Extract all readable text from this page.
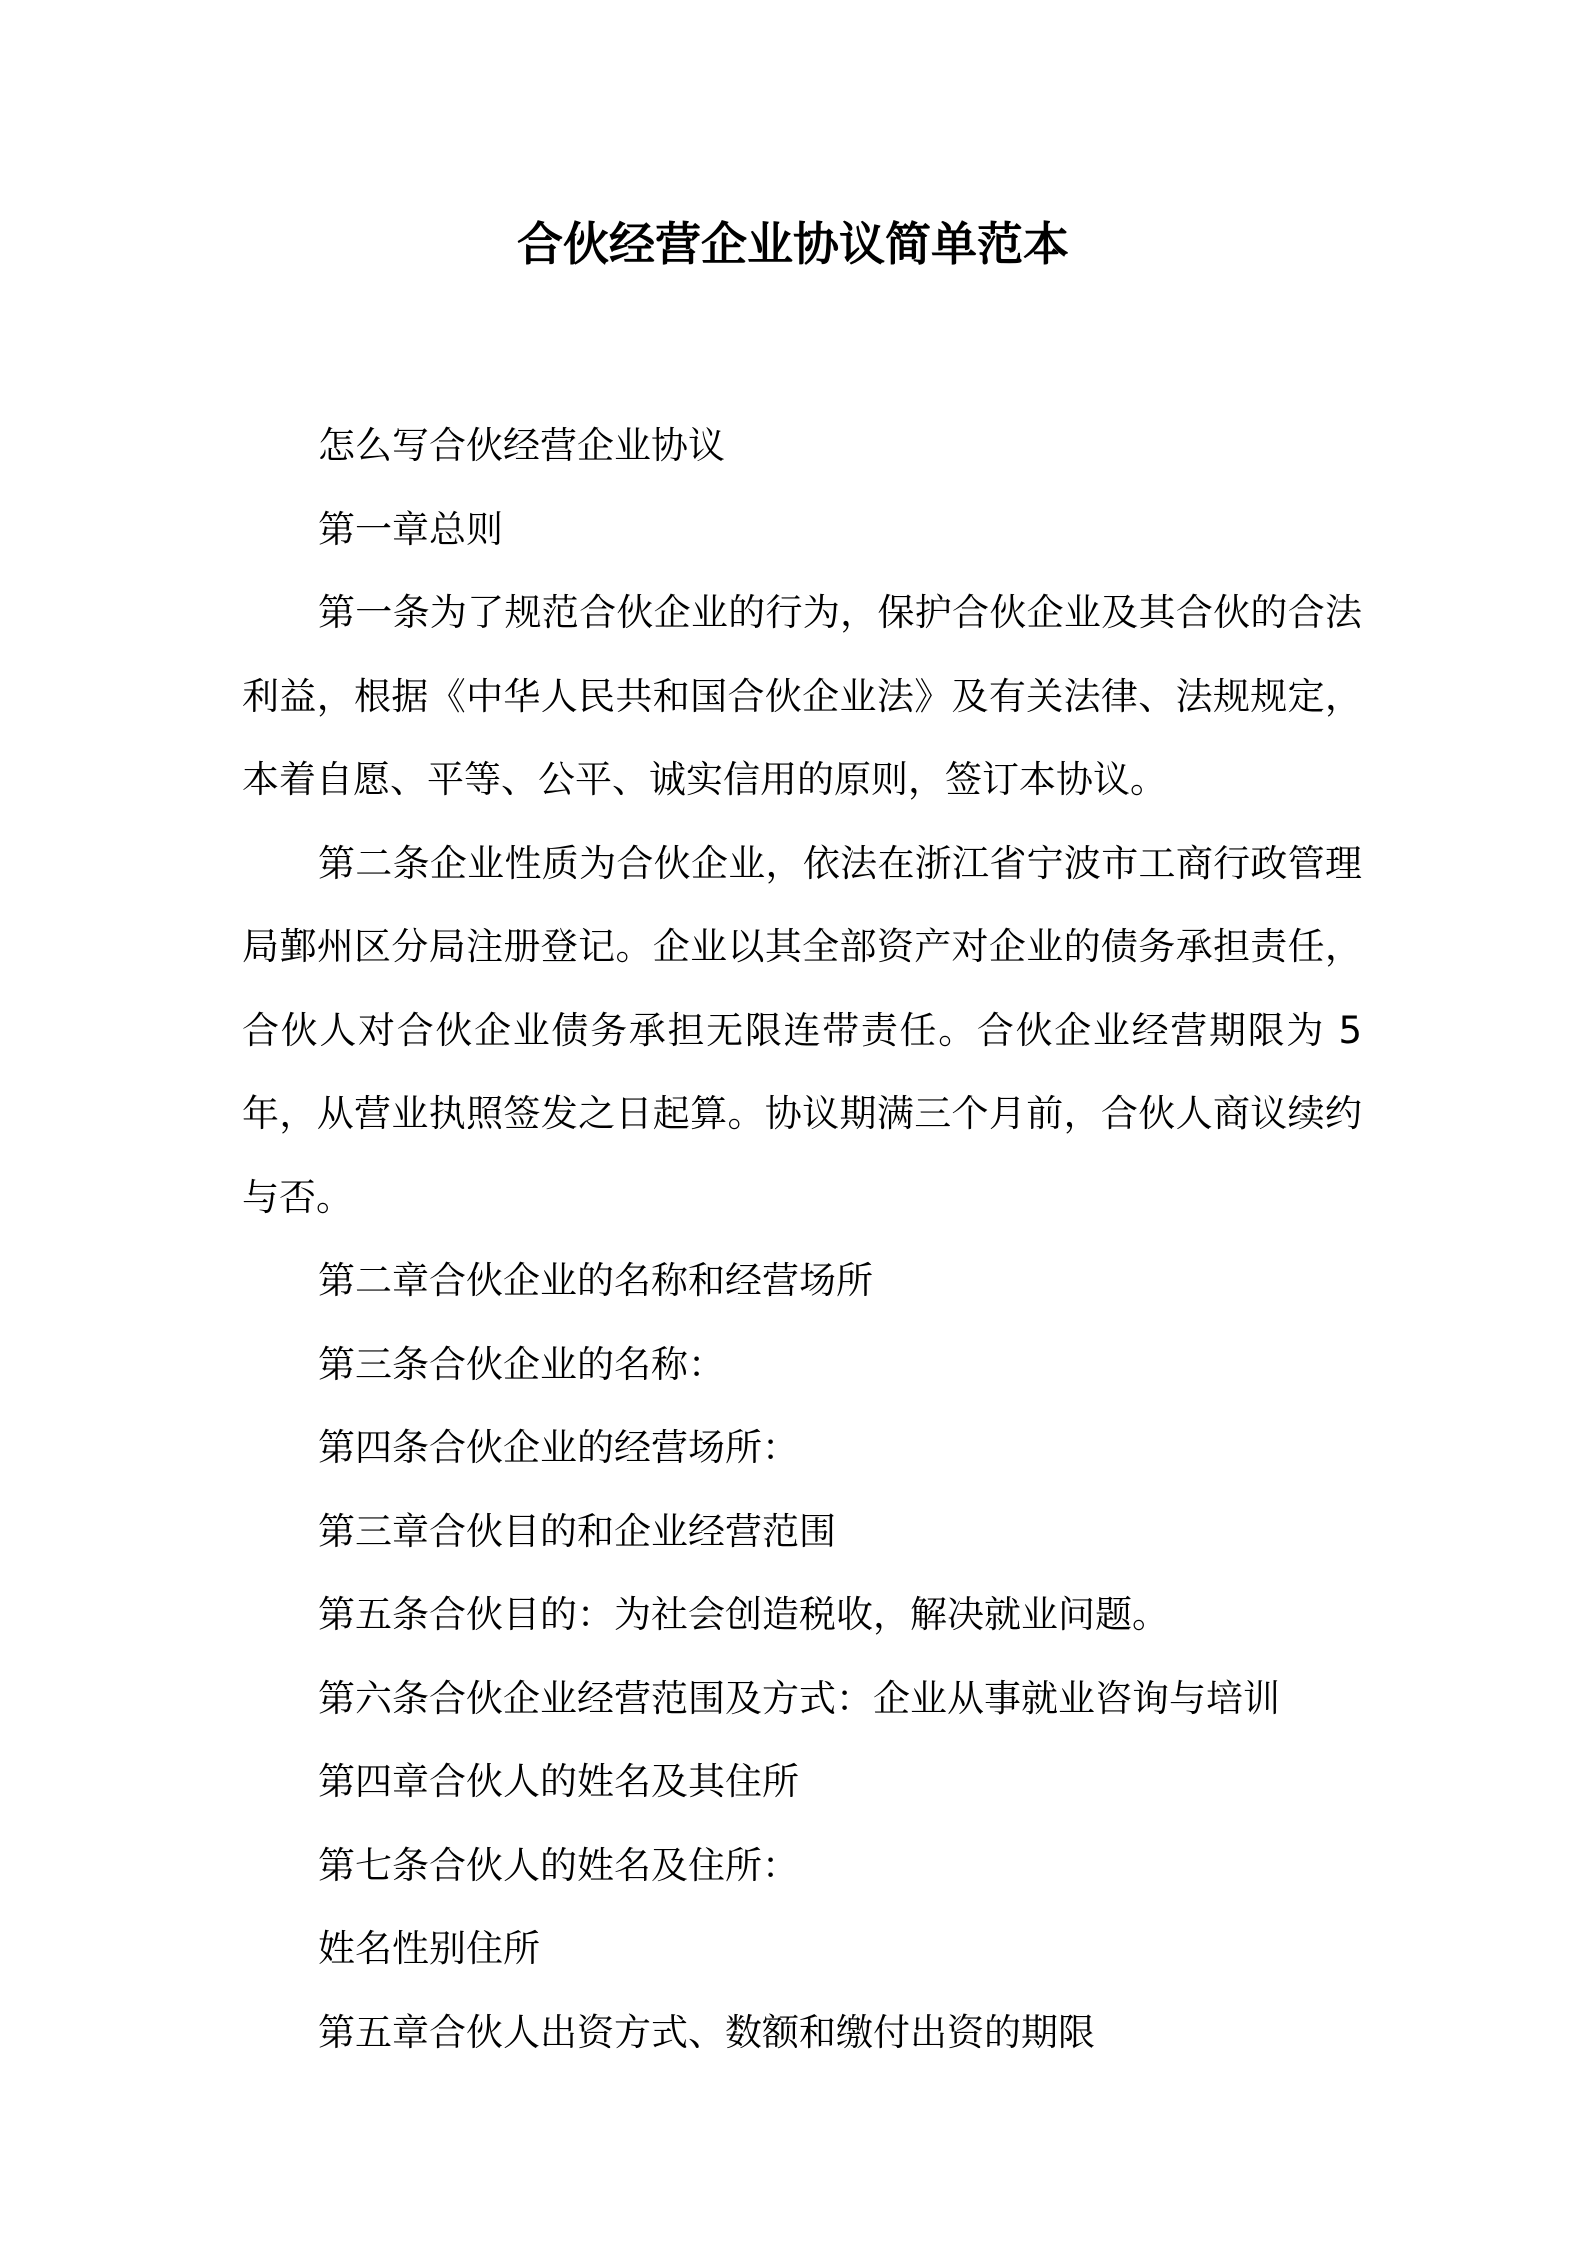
合伙经营企业协议简单范本

怎么写合伙经营企业协议

第一章总则

第一条为了规范合伙企业的行为，保护合伙企业及其合伙的合法利益，根据《中华人民共和国合伙企业法》及有关法律、法规规定，本着自愿、平等、公平、诚实信用的原则，签订本协议。

第二条企业性质为合伙企业，依法在浙江省宁波市工商行政管理局鄞州区分局注册登记。企业以其全部资产对企业的债务承担责任，合伙人对合伙企业债务承担无限连带责任。合伙企业经营期限为 5 年，从营业执照签发之日起算。协议期满三个月前，合伙人商议续约与否。

第二章合伙企业的名称和经营场所

第三条合伙企业的名称：

第四条合伙企业的经营场所：

第三章合伙目的和企业经营范围

第五条合伙目的：为社会创造税收，解决就业问题。

第六条合伙企业经营范围及方式：企业从事就业咨询与培训

第四章合伙人的姓名及其住所

第七条合伙人的姓名及住所：

姓名性别住所

第五章合伙人出资方式、数额和缴付出资的期限
